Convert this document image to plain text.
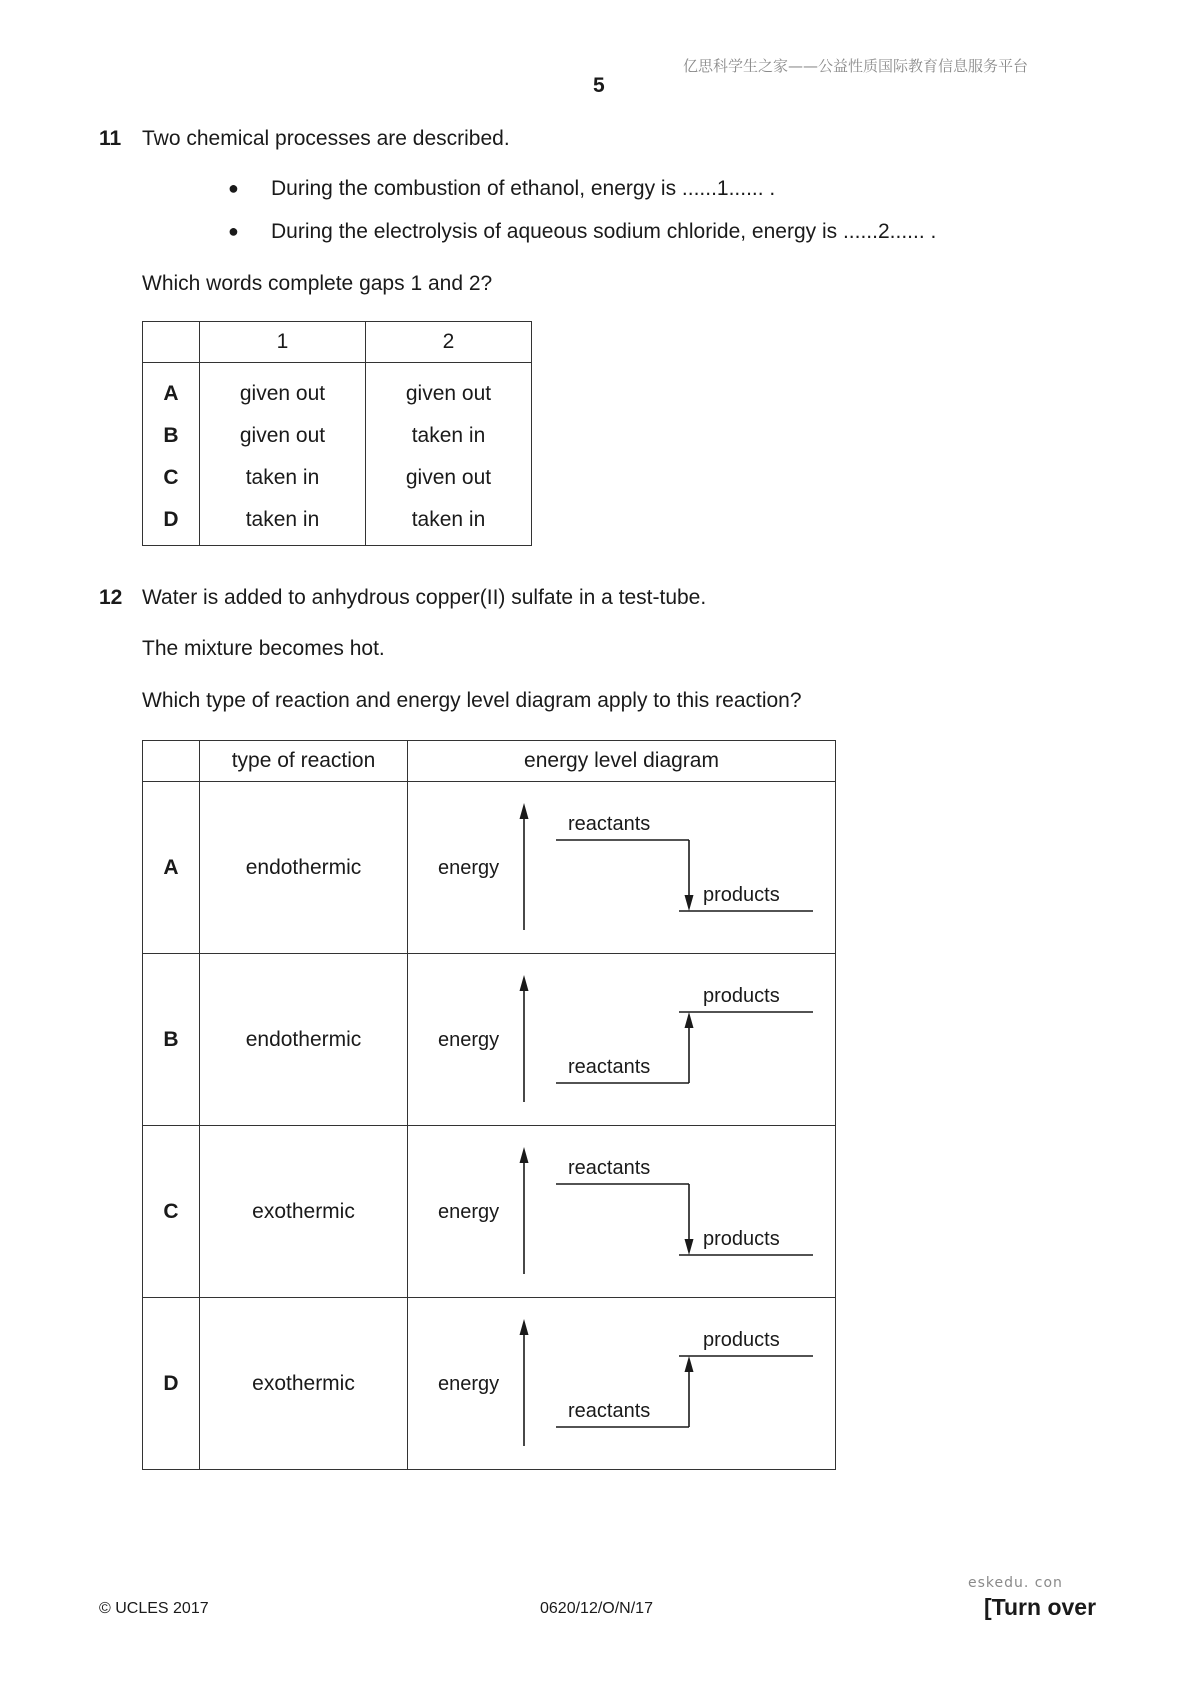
亿思科学生之家——公益性质国际教育信息服务平台
5
11 Two chemical processes are described.
● During the combustion of ethanol, energy is ......1...... .
● During the electrolysis of aqueous sodium chloride, energy is ......2...... .
Which words complete gaps 1 and 2?
	1	2
A	given out	given out
B	given out	taken in
C	taken in	given out
D	taken in	taken in
12 Water is added to anhydrous copper(II) sulfate in a test-tube.
The mixture becomes hot.
Which type of reaction and energy level diagram apply to this reaction?
	type of reaction	energy level diagram
A	endothermic	energy
reactants
products

B	endothermic	energy
products
reactants

C	exothermic	energy
reactants
products

D	exothermic	energy
products
reactants
eskedu. con
© UCLES 2017	0620/12/O/N/17	[Turn over
